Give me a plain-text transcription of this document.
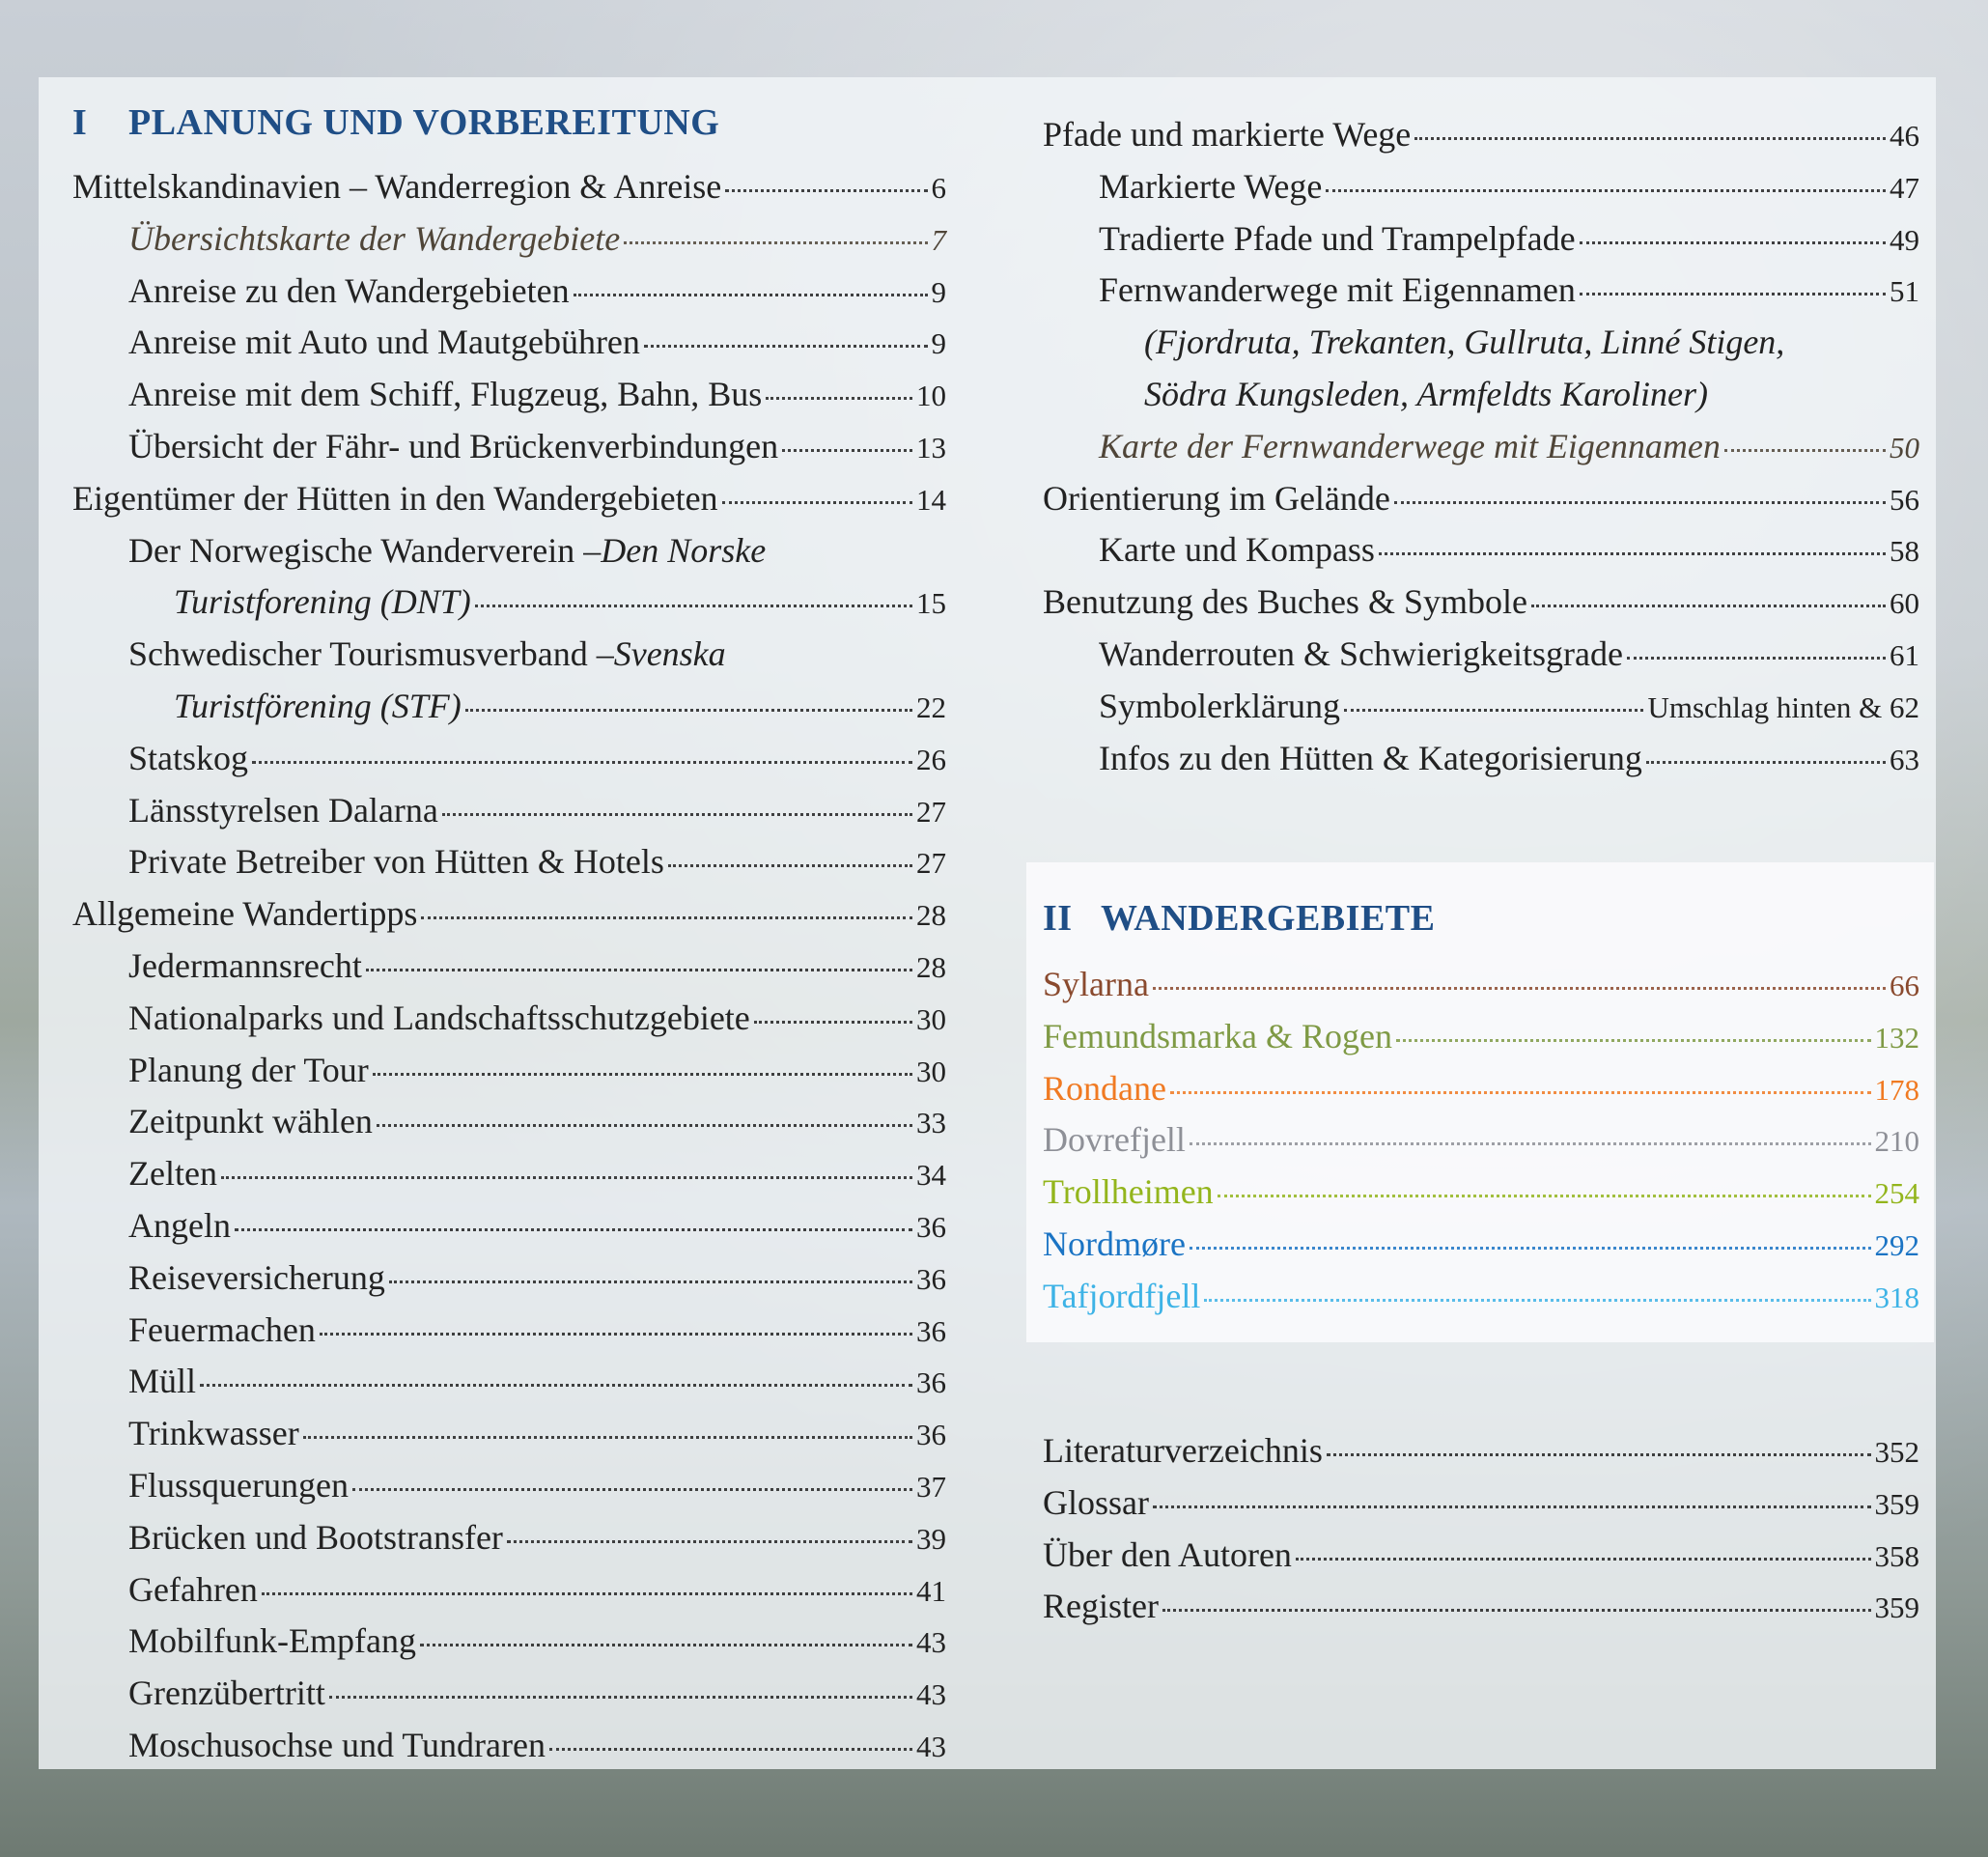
I PLANUNG UND VORBEREITUNG
Mittelskandinavien – Wanderregion & Anreise	6
Übersichtskarte der Wandergebiete	7
Anreise zu den Wandergebieten	9
Anreise mit Auto und Mautgebühren	9
Anreise mit dem Schiff, Flugzeug, Bahn, Bus	10
Übersicht der Fähr- und Brückenverbindungen	13
Eigentümer der Hütten in den Wandergebieten	14
Der Norwegische Wanderverein – Den Norske
Turistforening (DNT)	15
Schwedischer Tourismusverband – Svenska
Turistförening (STF)	22
Statskog	26
Länsstyrelsen Dalarna	27
Private Betreiber von Hütten & Hotels	27
Allgemeine Wandertipps	28
Jedermannsrecht	28
Nationalparks und Landschaftsschutzgebiete	30
Planung der Tour	30
Zeitpunkt wählen	33
Zelten	34
Angeln	36
Reiseversicherung	36
Feuermachen	36
Müll	36
Trinkwasser	36
Flussquerungen	37
Brücken und Bootstransfer	39
Gefahren	41
Mobilfunk-Empfang	43
Grenzübertritt	43
Moschusochse und Tundraren	43
Pfade und markierte Wege	46
Markierte Wege	47
Tradierte Pfade und Trampelpfade	49
Fernwanderwege mit Eigennamen	51
(Fjordruta, Trekanten, Gullruta, Linné Stigen,
Södra Kungsleden, Armfeldts Karoliner)
Karte der Fernwanderwege mit Eigennamen	50
Orientierung im Gelände	56
Karte und Kompass	58
Benutzung des Buches & Symbole	60
Wanderrouten & Schwierigkeitsgrade	61
Symbolerklärung	Umschlag hinten & 62
Infos zu den Hütten & Kategorisierung	63
II WANDERGEBIETE
Sylarna	66
Femundsmarka & Rogen	132
Rondane	178
Dovrefjell	210
Trollheimen	254
Nordmøre	292
Tafjordfjell	318
Literaturverzeichnis	352
Glossar	359
Über den Autoren	358
Register	359
